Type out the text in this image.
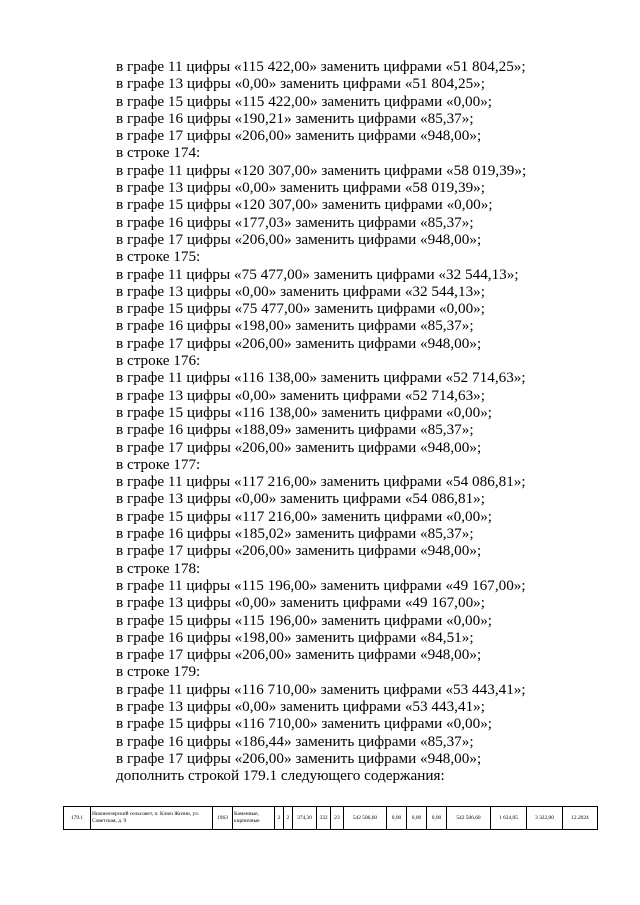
в графе 11 цифры «115 422,00» заменить цифрами «51 804,25»;
в графе 13 цифры «0,00» заменить цифрами «51 804,25»;
в графе 15 цифры «115 422,00» заменить цифрами «0,00»;
в графе 16 цифры «190,21» заменить цифрами «85,37»;
в графе 17 цифры «206,00» заменить цифрами «948,00»;
в строке 174:
в графе 11 цифры «120 307,00» заменить цифрами «58 019,39»;
в графе 13 цифры «0,00» заменить цифрами «58 019,39»;
в графе 15 цифры «120 307,00» заменить цифрами «0,00»;
в графе 16 цифры «177,03» заменить цифрами «85,37»;
в графе 17 цифры «206,00» заменить цифрами «948,00»;
в строке 175:
в графе 11 цифры «75 477,00» заменить цифрами «32 544,13»;
в графе 13 цифры «0,00» заменить цифрами «32 544,13»;
в графе 15 цифры «75 477,00» заменить цифрами «0,00»;
в графе 16 цифры «198,00» заменить цифрами «85,37»;
в графе 17 цифры «206,00» заменить цифрами «948,00»;
в строке 176:
в графе 11 цифры «116 138,00» заменить цифрами «52 714,63»;
в графе 13 цифры «0,00» заменить цифрами «52 714,63»;
в графе 15 цифры «116 138,00» заменить цифрами «0,00»;
в графе 16 цифры «188,09» заменить цифрами «85,37»;
в графе 17 цифры «206,00» заменить цифрами «948,00»;
в строке 177:
в графе 11 цифры «117 216,00» заменить цифрами «54 086,81»;
в графе 13 цифры «0,00» заменить цифрами «54 086,81»;
в графе 15 цифры «117 216,00» заменить цифрами «0,00»;
в графе 16 цифры «185,02» заменить цифрами «85,37»;
в графе 17 цифры «206,00» заменить цифрами «948,00»;
в строке 178:
в графе 11 цифры «115 196,00» заменить цифрами «49 167,00»;
в графе 13 цифры «0,00» заменить цифрами «49 167,00»;
в графе 15 цифры «115 196,00» заменить цифрами «0,00»;
в графе 16 цифры «198,00» заменить цифрами «84,51»;
в графе 17 цифры «206,00» заменить цифрами «948,00»;
в строке 179:
в графе 11 цифры «116 710,00» заменить цифрами «53 443,41»;
в графе 13 цифры «0,00» заменить цифрами «53 443,41»;
в графе 15 цифры «116 710,00» заменить цифрами «0,00»;
в графе 16 цифры «186,44» заменить цифрами «85,37»;
в графе 17 цифры «206,00» заменить цифрами «948,00»;
дополнить строкой 179.1 следующего содержания:
179.1	Нижнеозерский сельсовет, п. Ключ Жизни, ул. Советская, д. 9	1963	Каменные, кирпичные	2	2	374,30	332	23	542 506,60	0,00	0,00	0,00	542 506,60	1 634,05	3 322,00	12.2024
